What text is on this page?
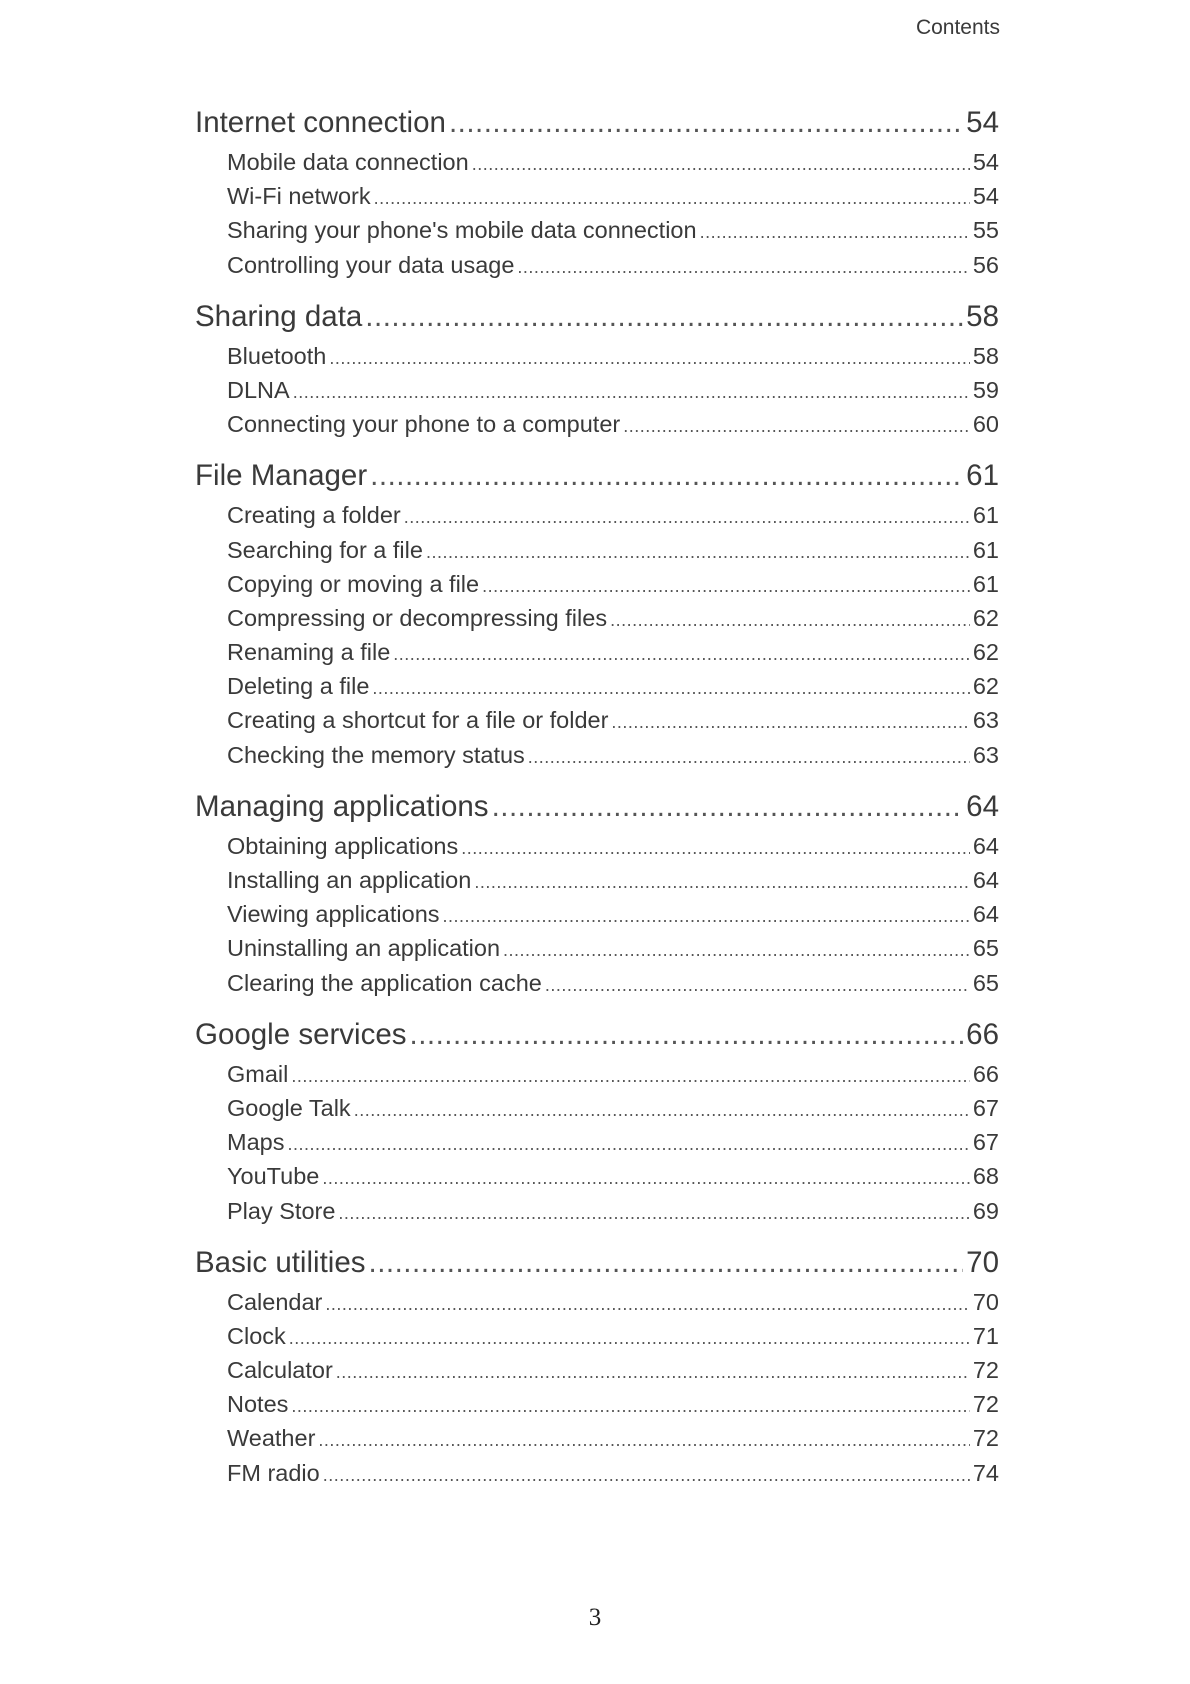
Contents
Internet connection .....	54
Mobile data connection .....	54
Wi-Fi network .....	54
Sharing your phone's mobile data connection .....	55
Controlling your data usage .....	56
Sharing data .....	58
Bluetooth .....	58
DLNA .....	59
Connecting your phone to a computer .....	60
File Manager .....	61
Creating a folder .....	61
Searching for a file .....	61
Copying or moving a file .....	61
Compressing or decompressing files .....	62
Renaming a file .....	62
Deleting a file .....	62
Creating a shortcut for a file or folder .....	63
Checking the memory status .....	63
Managing applications .....	64
Obtaining applications .....	64
Installing an application .....	64
Viewing applications .....	64
Uninstalling an application .....	65
Clearing the application cache .....	65
Google services .....	66
Gmail .....	66
Google Talk .....	67
Maps .....	67
YouTube .....	68
Play Store .....	69
Basic utilities .....	70
Calendar .....	70
Clock .....	71
Calculator .....	72
Notes .....	72
Weather .....	72
FM radio .....	74
3
